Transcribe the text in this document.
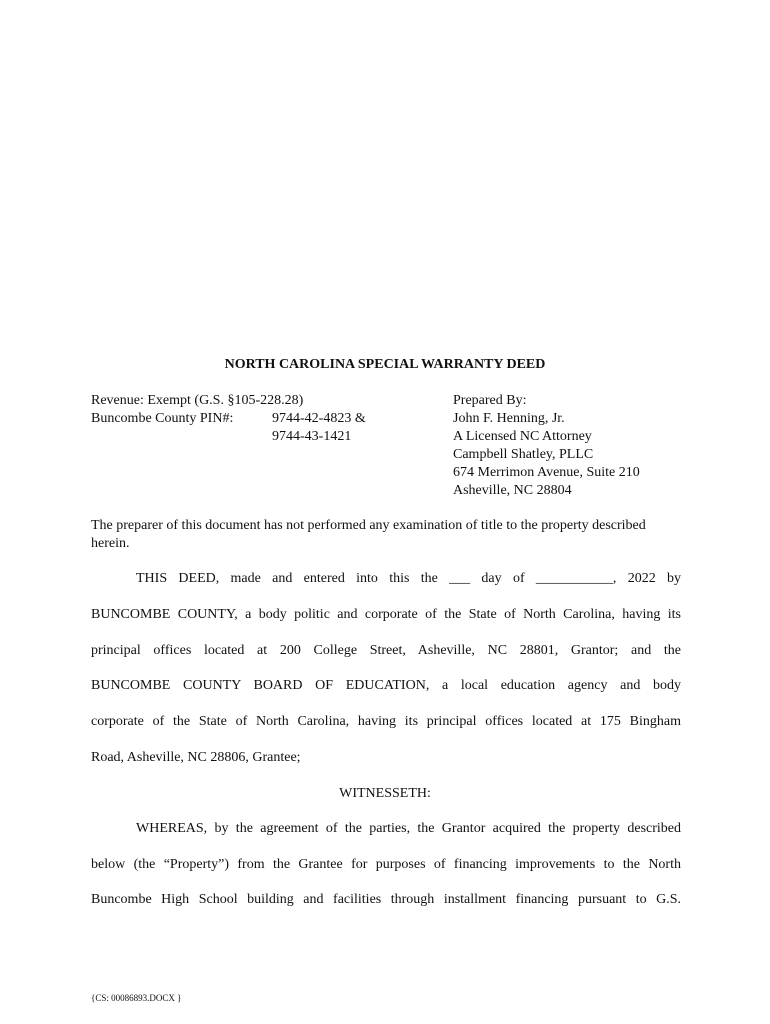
NORTH CAROLINA SPECIAL WARRANTY DEED
Revenue: Exempt (G.S. §105-228.28)
Buncombe County PIN#:	9744-42-4823 &
9744-43-1421
Prepared By:
John F. Henning, Jr.
A Licensed NC Attorney
Campbell Shatley, PLLC
674 Merrimon Avenue, Suite 210
Asheville, NC 28804
The preparer of this document has not performed any examination of title to the property described herein.
THIS DEED, made and entered into this the ___ day of ___________, 2022 by
BUNCOMBE COUNTY, a body politic and corporate of the State of North Carolina, having its
principal offices located at 200 College Street, Asheville, NC 28801, Grantor; and the
BUNCOMBE COUNTY BOARD OF EDUCATION, a local education agency and body
corporate of the State of North Carolina, having its principal offices located at 175 Bingham
Road, Asheville, NC 28806, Grantee;
WITNESSETH:
WHEREAS, by the agreement of the parties, the Grantor acquired the property described
below (the “Property”) from the Grantee for purposes of financing improvements to the North
Buncombe High School building and facilities through installment financing pursuant to G.S.
{CS: 00086893.DOCX }
